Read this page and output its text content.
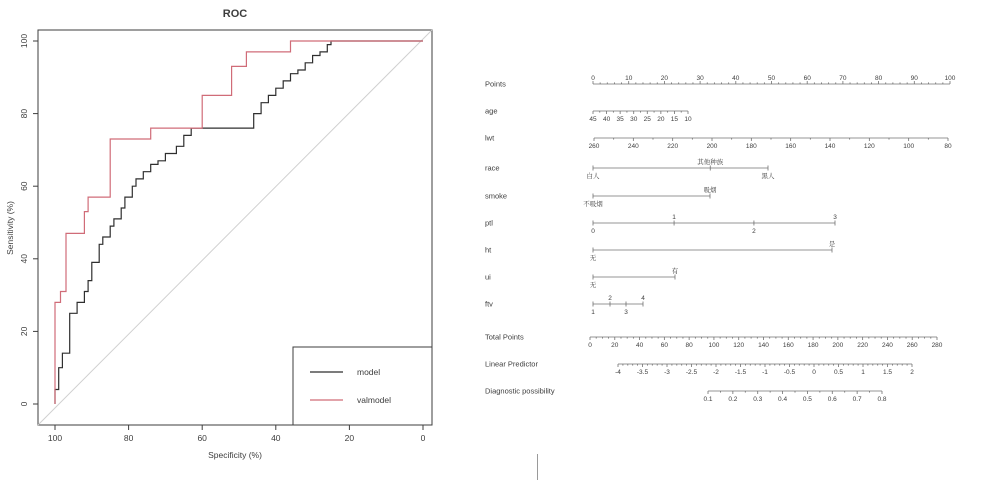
ROC
Specificity (%)
Sensitivity (%)
100	80	60	40	20	0
0
20
40
60
80
100
model
valmodel
Points
0	10	20	30	40	50	60	70	80	90	100
age
45 40 35 30 25 20 15 10
lwt
260	240	220	200	180	160	140	120	100	80
race
白人
其他种族
黑人
smoke
不吸烟
吸烟
ptl
0
1
2
3
ht
无
是
ui
无
有
ftv
1
2
3
4
Total Points
0	20	40	60	80 100 120 140 160 180 200 220 240 260 280
Linear Predictor
-4 -3.5 -3 -2.5 -2 -1.5 -1 -0.5	0	0.5	1	1.5	2
Diagnostic possibility
0.1 0.2 0.3 0.4 0.5 0.6 0.7 0.8
